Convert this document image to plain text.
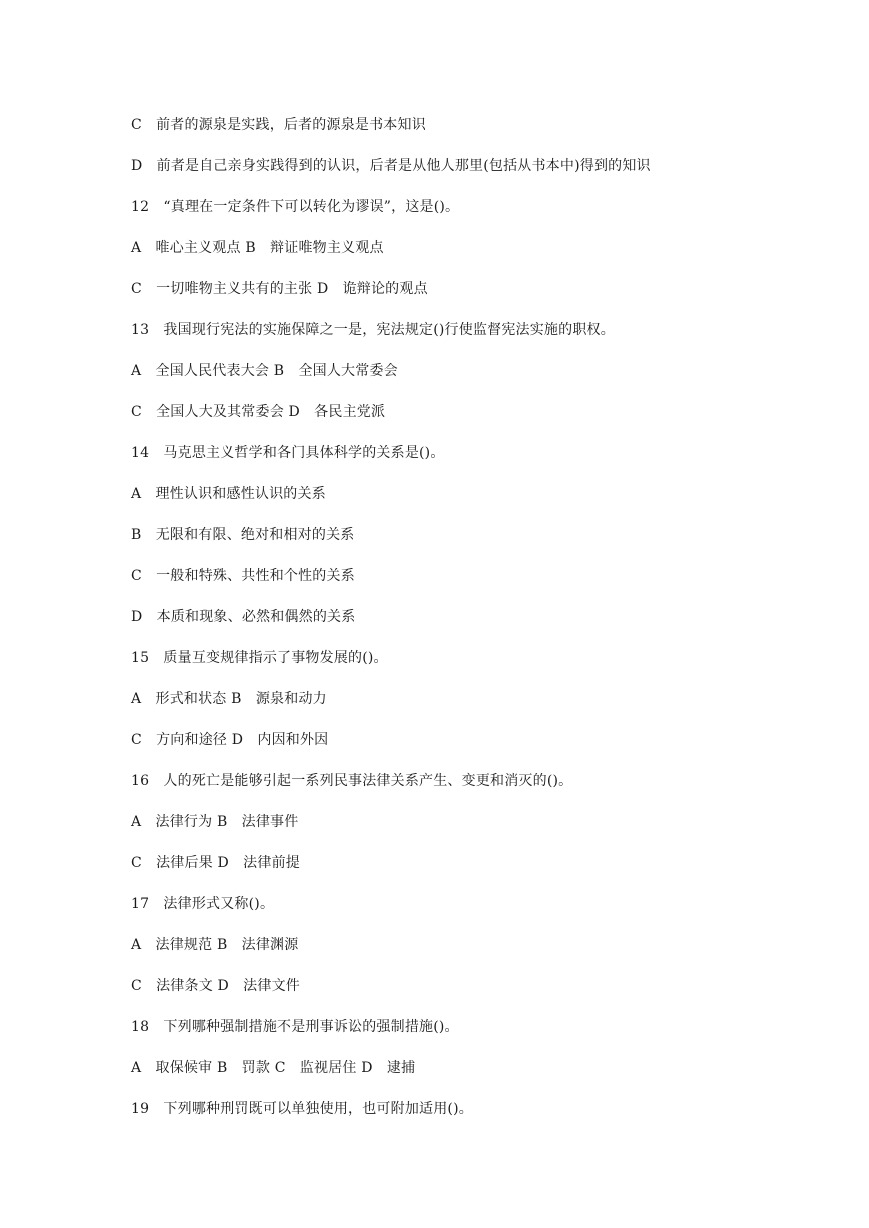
C　前者的源泉是实践，后者的源泉是书本知识
D　前者是自己亲身实践得到的认识，后者是从他人那里(包括从书本中)得到的知识
12　“真理在一定条件下可以转化为谬误”，这是()。
A　唯心主义观点 B　辩证唯物主义观点
C　一切唯物主义共有的主张 D　诡辩论的观点
13　我国现行宪法的实施保障之一是，宪法规定()行使监督宪法实施的职权。
A　全国人民代表大会 B　全国人大常委会
C　全国人大及其常委会 D　各民主党派
14　马克思主义哲学和各门具体科学的关系是()。
A　理性认识和感性认识的关系
B　无限和有限、绝对和相对的关系
C　一般和特殊、共性和个性的关系
D　本质和现象、必然和偶然的关系
15　质量互变规律指示了事物发展的()。
A　形式和状态 B　源泉和动力
C　方向和途径 D　内因和外因
16　人的死亡是能够引起一系列民事法律关系产生、变更和消灭的()。
A　法律行为 B　法律事件
C　法律后果 D　法律前提
17　法律形式又称()。
A　法律规范 B　法律渊源
C　法律条文 D　法律文件
18　下列哪种强制措施不是刑事诉讼的强制措施()。
A　取保候审 B　罚款 C　监视居住 D　逮捕
19　下列哪种刑罚既可以单独使用，也可附加适用()。
